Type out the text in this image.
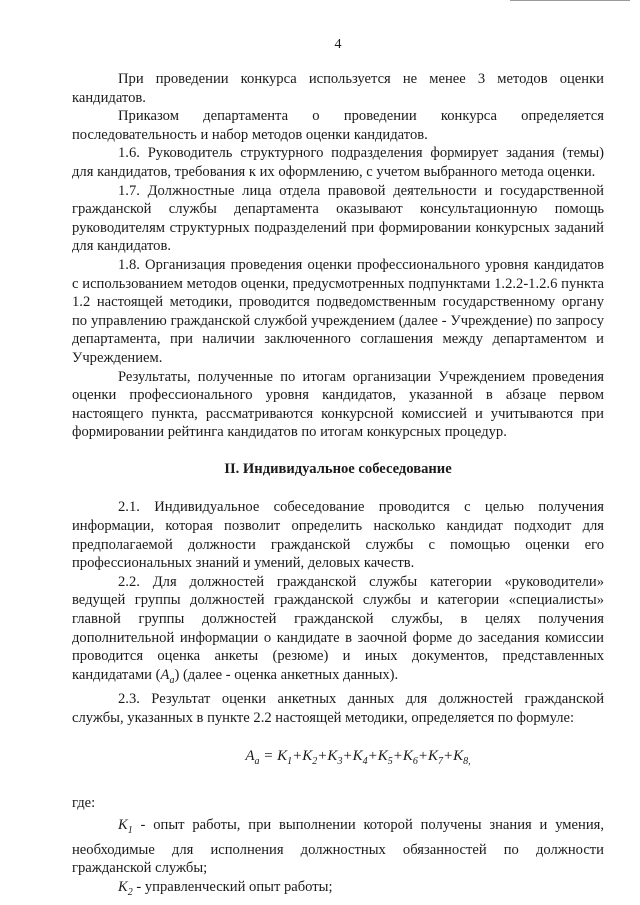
4

При проведении конкурса используется не менее 3 методов оценки кандидатов.

Приказом департамента о проведении конкурса определяется последовательность и набор методов оценки кандидатов.

1.6. Руководитель структурного подразделения формирует задания (темы) для кандидатов, требования к их оформлению, с учетом выбранного метода оценки.

1.7. Должностные лица отдела правовой деятельности и государственной гражданской службы департамента оказывают консультационную помощь руководителям структурных подразделений при формировании конкурсных заданий для кандидатов.

1.8. Организация проведения оценки профессионального уровня кандидатов с использованием методов оценки, предусмотренных подпунктами 1.2.2-1.2.6 пункта 1.2 настоящей методики, проводится подведомственным государственному органу по управлению гражданской службой учреждением (далее - Учреждение) по запросу департамента, при наличии заключенного соглашения между департаментом и Учреждением.

Результаты, полученные по итогам организации Учреждением проведения оценки профессионального уровня кандидатов, указанной в абзаце первом настоящего пункта, рассматриваются конкурсной комиссией и учитываются при формировании рейтинга кандидатов по итогам конкурсных процедур.

II. Индивидуальное собеседование

2.1. Индивидуальное собеседование проводится с целью получения информации, которая позволит определить насколько кандидат подходит для предполагаемой должности гражданской службы с помощью оценки его профессиональных знаний и умений, деловых качеств.

2.2. Для должностей гражданской службы категории «руководители» ведущей группы должностей гражданской службы и категории «специалисты» главной группы должностей гражданской службы, в целях получения дополнительной информации о кандидате в заочной форме до заседания комиссии проводится оценка анкеты (резюме) и иных документов, представленных кандидатами $(А_а)$ (далее - оценка анкетных данных).

2.3. Результат оценки анкетных данных для должностей гражданской службы, указанных в пункте 2.2 настоящей методики, определяется по формуле:

$А_а = K_1+K_2+K_3+K_4+K_5+K_6+K_7+K_{8,}$

где:

$К_1$ - опыт работы, при выполнении которой получены знания и умения, необходимые для исполнения должностных обязанностей по должности гражданской службы;

$К_2$ - управленческий опыт работы;
